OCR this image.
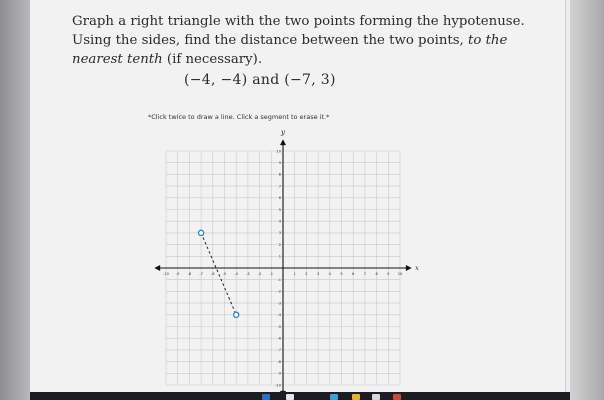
Graph a right triangle with the two points forming the hypotenuse. Using the sides, find the distance between the two points, to the nearest tenth (if necessary).
(−4, −4) and (−7, 3)
*Click twice to draw a line. Click a segment to erase it.*
y
x
-10 -9 -8 -7 -6 -5 -4 -3 -2 -1	1	2	3	4	5	6	7	8	9 10
10
9
8
7
6
5
4
3
2
1
-1
-2
-3
-4
-5
-6
-7
-8
-9
-10
